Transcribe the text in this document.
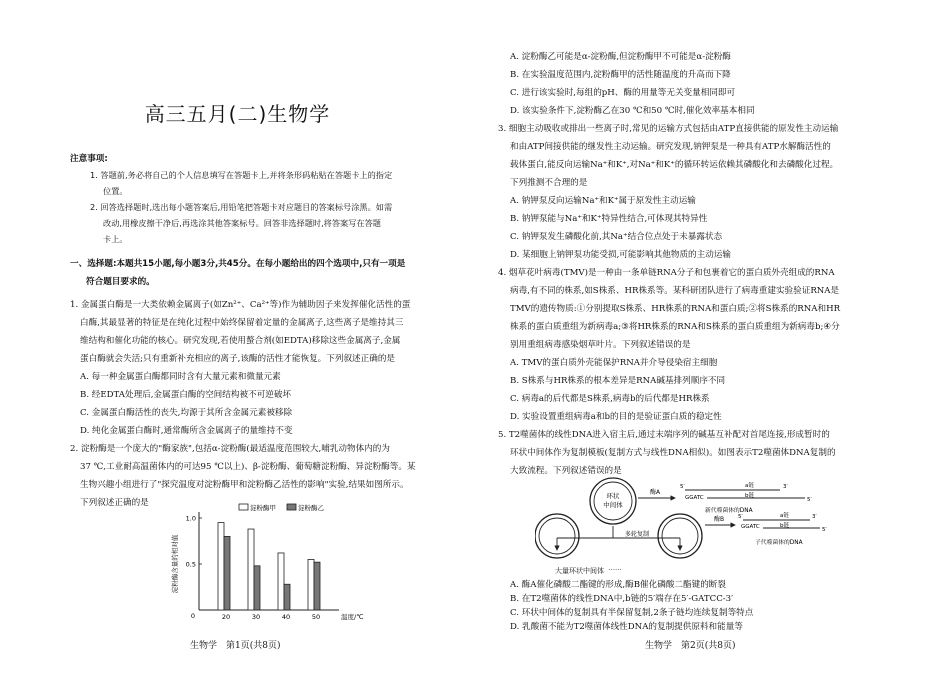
高三五月(二)生物学
注意事项:
1. 答题前,务必将自己的个人信息填写在答题卡上,并将条形码粘贴在答题卡上的指定
位置。
2. 回答选择题时,选出每小题答案后,用铅笔把答题卡对应题目的答案标号涂黑。如需
改动,用橡皮擦干净后,再选涂其他答案标号。回答非选择题时,将答案写在答题
卡上。
一、选择题:本题共15小题,每小题3分,共45分。在每小题给出的四个选项中,只有一项是
符合题目要求的。
1. 金属蛋白酶是一大类依赖金属离子(如Zn²⁺、Ca²⁺等)作为辅助因子来发挥催化活性的蛋
白酶,其最显著的特征是在纯化过程中始终保留着定量的金属离子,这些离子是维持其三
维结构和催化功能的核心。研究发现,若使用螯合剂(如EDTA)移除这些金属离子,金属
蛋白酶就会失活;只有重新补充相应的离子,该酶的活性才能恢复。下列叙述正确的是
A. 每一种金属蛋白酶都同时含有大量元素和微量元素
B. 经EDTA处理后,金属蛋白酶的空间结构被不可逆破坏
C. 金属蛋白酶活性的丧失,均源于其所含金属元素被移除
D. 纯化金属蛋白酶时,通常酶所含金属离子的量维持不变
2. 淀粉酶是一个庞大的"酶家族",包括α-淀粉酶(最适温度范围较大,哺乳动物体内的为
37 ℃,工业耐高温菌体内的可达95 ℃以上)、β-淀粉酶、葡萄糖淀粉酶、异淀粉酶等。某
生物兴趣小组进行了"探究温度对淀粉酶甲和淀粉酶乙活性的影响"实验,结果如图所示。
下列叙述正确的是
0.5
1.0
0
淀粉酶含量的相对值
20	30	40	50	温度/℃
淀粉酶甲	淀粉酶乙
生物学　第1页(共8页)
A. 淀粉酶乙可能是α-淀粉酶,但淀粉酶甲不可能是α-淀粉酶
B. 在实验温度范围内,淀粉酶甲的活性随温度的升高而下降
C. 进行该实验时,每组的pH、酶的用量等无关变量相同即可
D. 该实验条件下,淀粉酶乙在30 ℃和50 ℃时,催化效率基本相同
3. 细胞主动吸收或排出一些离子时,常见的运输方式包括由ATP直接供能的原发性主动运输
和由ATP间接供能的继发性主动运输。研究发现,钠钾泵是一种具有ATP水解酶活性的
载体蛋白,能反向运输Na⁺和K⁺,对Na⁺和K⁺的循环转运依赖其磷酸化和去磷酸化过程。
下列推测不合理的是
A. 钠钾泵反向运输Na⁺和K⁺属于原发性主动运输
B. 钠钾泵能与Na⁺和K⁺特异性结合,可体现其特异性
C. 钠钾泵发生磷酸化前,其Na⁺结合位点处于未暴露状态
D. 某细胞上钠钾泵功能受损,可能影响其他物质的主动运输
4. 烟草花叶病毒(TMV)是一种由一条单链RNA分子和包裹着它的蛋白质外壳组成的RNA
病毒,有不同的株系,如S株系、HR株系等。某科研团队进行了病毒重建实验验证RNA是
TMV的遗传物质:①分别提取S株系、HR株系的RNA和蛋白质;②将S株系的RNA和HR
株系的蛋白质重组为新病毒a;③将HR株系的RNA和S株系的蛋白质重组为新病毒b;④分
别用重组病毒感染烟草叶片。下列叙述错误的是
A. TMV的蛋白质外壳能保护RNA并介导侵染宿主细胞
B. S株系与HR株系的根本差异是RNA碱基排列顺序不同
C. 病毒a的后代都是S株系,病毒b的后代都是HR株系
D. 实验设置重组病毒a和b的目的是验证蛋白质的稳定性
5. T2噬菌体的线性DNA进入宿主后,通过末端序列的碱基互补配对首尾连接,形成暂时的
环状中间体作为复制模板(复制方式与线性DNA相似)。如图表示T2噬菌体DNA复制的
大致流程。下列叙述错误的是
环状
中间体
酶A
5′	3′
GGATC	5′
a链
b链
新代噬菌体的DNA
多轮复制
……
酶B	5′	3′
GGATC	5′
a链
b链
子代噬菌体的DNA
大量环状中间体
A. 酶A催化磷酸二酯键的形成,酶B催化磷酸二酯键的断裂
B. 在T2噬菌体的线性DNA中,b链的5′端存在5′-GATCC-3′
C. 环状中间体的复制具有半保留复制,2条子链均连续复制等特点
D. 乳酸菌不能为T2噬菌体线性DNA的复制提供原料和能量等
生物学　第2页(共8页)
